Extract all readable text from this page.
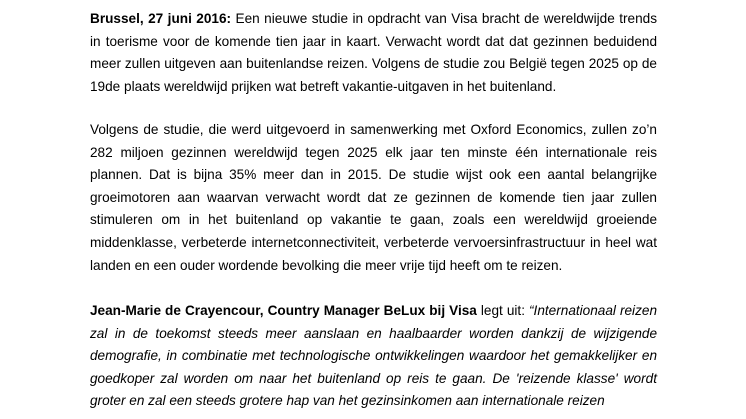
Brussel, 27 juni 2016: Een nieuwe studie in opdracht van Visa bracht de wereldwijde trends in toerisme voor de komende tien jaar in kaart. Verwacht wordt dat dat gezinnen beduidend meer zullen uitgeven aan buitenlandse reizen. Volgens de studie zou België tegen 2025 op de 19de plaats wereldwijd prijken wat betreft vakantie-uitgaven in het buitenland.

Volgens de studie, die werd uitgevoerd in samenwerking met Oxford Economics, zullen zo’n 282 miljoen gezinnen wereldwijd tegen 2025 elk jaar ten minste één internationale reis plannen. Dat is bijna 35% meer dan in 2015. De studie wijst ook een aantal belangrijke groeimotoren aan waarvan verwacht wordt dat ze gezinnen de komende tien jaar zullen stimuleren om in het buitenland op vakantie te gaan, zoals een wereldwijd groeiende middenklasse, verbeterde internetconnectiviteit, verbeterde vervoersinfrastructuur in heel wat landen en een ouder wordende bevolking die meer vrije tijd heeft om te reizen.

Jean-Marie de Crayencour, Country Manager BeLux bij Visa legt uit: “Internationaal reizen zal in de toekomst steeds meer aanslaan en haalbaarder worden dankzij de wijzigende demografie, in combinatie met technologische ontwikkelingen waardoor het gemakkelijker en goedkoper zal worden om naar het buitenland op reis te gaan. De 'reizende klasse' wordt groter en zal een steeds grotere hap van het gezinsinkomen aan internationale reizen
